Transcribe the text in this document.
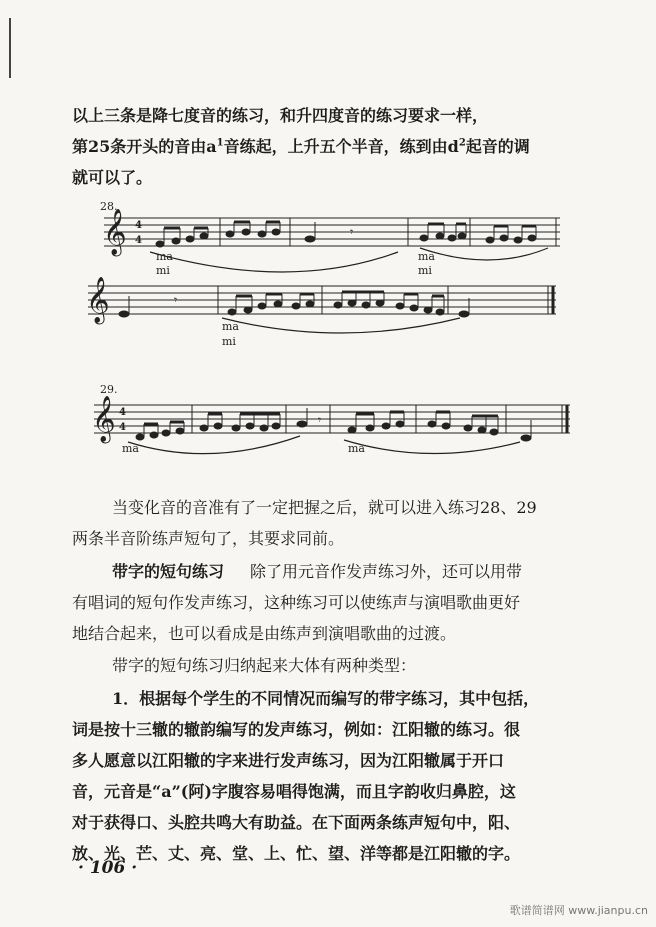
以上三条是降七度音的练习，和升四度音的练习要求一样，
第25条开头的音由$a^1$音练起，上升五个半音，练到由$d^2$起音的调
就可以了。
𝄞
𝄞
𝄞
4
4
4
4
𝄾
𝄾
𝄾
28.
29.
ma
mi
ma
mi
ma
mi
ma	ma
当变化音的音准有了一定把握之后，就可以进入练习28、29
两条半音阶练声短句了，其要求同前。
带字的短句练习 除了用元音作发声练习外，还可以用带
有唱词的短句作发声练习，这种练习可以使练声与演唱歌曲更好
地结合起来，也可以看成是由练声到演唱歌曲的过渡。
带字的短句练习归纳起来大体有两种类型：
1．根据每个学生的不同情况而编写的带字练习，其中包括，
词是按十三辙的辙韵编写的发声练习，例如：江阳辙的练习。很
多人愿意以江阳辙的字来进行发声练习，因为江阳辙属于开口
音，元音是“a”(阿)字腹容易唱得饱满，而且字韵收归鼻腔，这
对于获得口、头腔共鸣大有助益。在下面两条练声短句中，阳、
放、光、芒、丈、亮、堂、上、忙、望、洋等都是江阳辙的字。
· 106 ·
歌谱简谱网 www.jianpu.cn
